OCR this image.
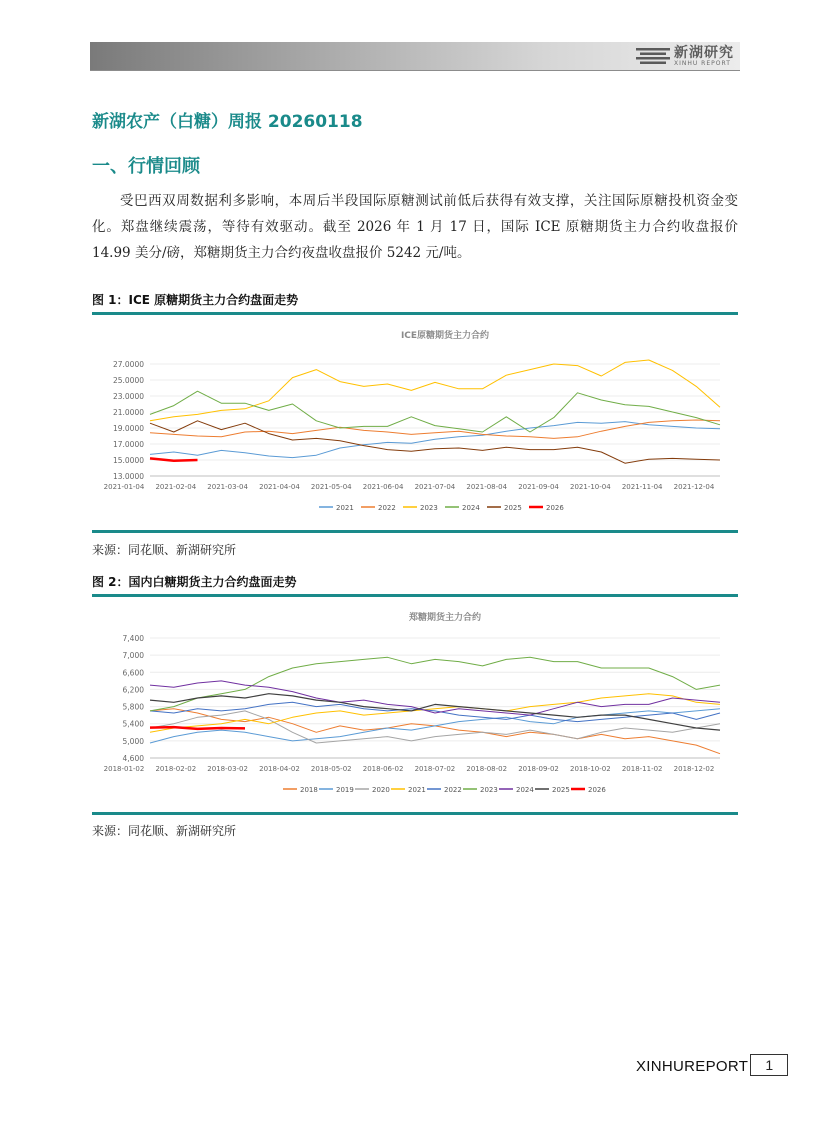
新湖研究
XINHU REPORT
新湖农产（白糖）周报 20260118
一、行情回顾

受巴西双周数据利多影响，本周后半段国际原糖测试前低后获得有效支撑，关注国际原糖投机资金变化。郑盘继续震荡，等待有效驱动。截至 2026 年 1 月 17 日，国际 ICE 原糖期货主力合约收盘报价 14.99 美分/磅，郑糖期货主力合约夜盘收盘报价 5242 元/吨。

图 1：ICE 原糖期货主力合约盘面走势

ICE原糖期货主力合约
13.0000
15.0000
17.0000
19.0000
21.0000
23.0000
25.0000
27.0000
2021-01-04 2021-02-04 2021-03-04 2021-04-04 2021-05-04 2021-06-04 2021-07-04 2021-08-04 2021-09-04 2021-10-04 2021-11-04 2021-12-04
2021	2022	2023	2024	2025	2026

来源：同花顺、新湖研究所

图 2：国内白糖期货主力合约盘面走势

郑糖期货主力合约
4,600
5,000
5,400
5,800
6,200
6,600
7,000
7,400
2018-01-02 2018-02-02 2018-03-02 2018-04-02 2018-05-02 2018-06-02 2018-07-02 2018-08-02 2018-09-02 2018-10-02 2018-11-02 2018-12-02
2018	2019	2020	2021	2022	2023	2024	2025	2026

来源：同花顺、新湖研究所

XINHUREPORT	1
